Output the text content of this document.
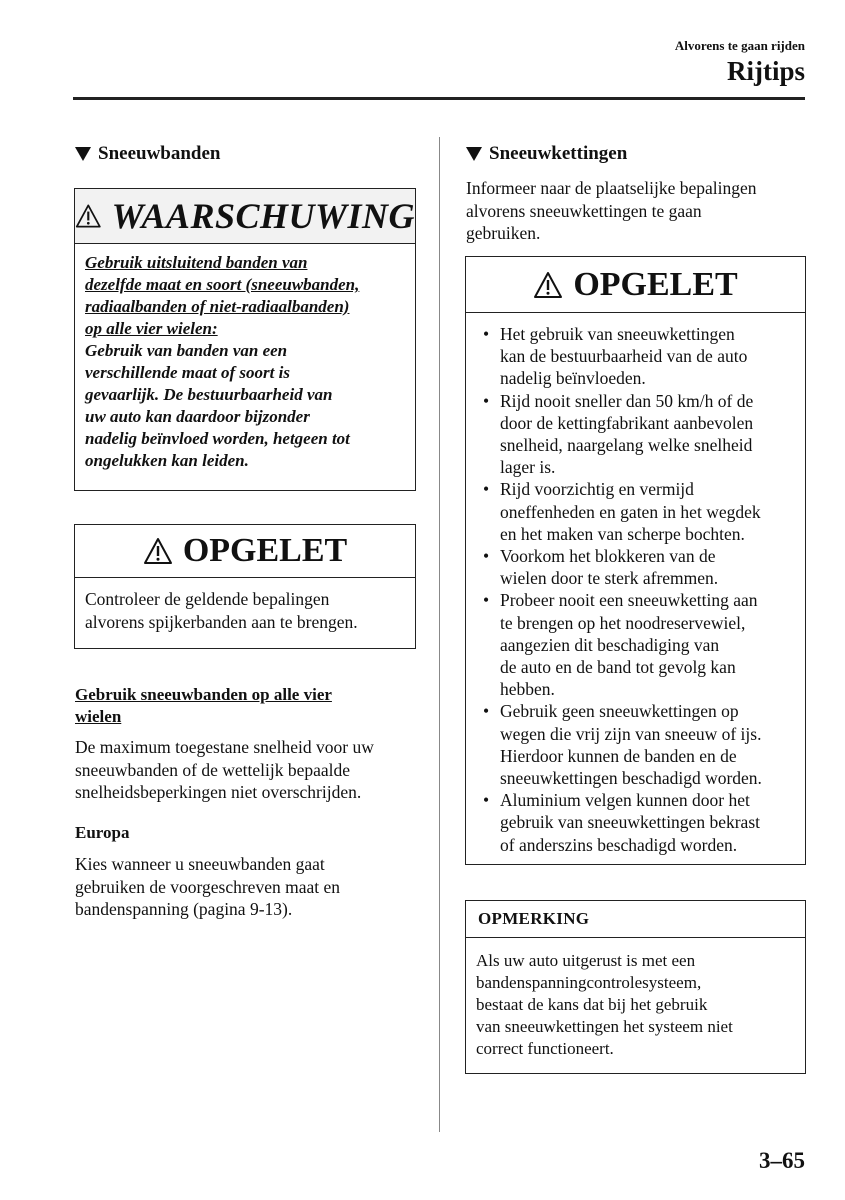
Alvorens te gaan rijden
Rijtips
Sneeuwbanden
WAARSCHUWING
Gebruik uitsluitend banden van
dezelfde maat en soort (sneeuwbanden,
radiaalbanden of niet-radiaalbanden)
op alle vier wielen:
Gebruik van banden van een
verschillende maat of soort is
gevaarlijk. De bestuurbaarheid van
uw auto kan daardoor bijzonder
nadelig beïnvloed worden, hetgeen tot
ongelukken kan leiden.
OPGELET
Controleer de geldende bepalingen
alvorens spijkerbanden aan te brengen.
Gebruik sneeuwbanden op alle vier
wielen
De maximum toegestane snelheid voor uw
sneeuwbanden of de wettelijk bepaalde
snelheidsbeperkingen niet overschrijden.
Europa
Kies wanneer u sneeuwbanden gaat
gebruiken de voorgeschreven maat en
bandenspanning (pagina 9-13).
Sneeuwkettingen
Informeer naar de plaatselijke bepalingen
alvorens sneeuwkettingen te gaan
gebruiken.
OPGELET
• Het gebruik van sneeuwkettingen
kan de bestuurbaarheid van de auto
nadelig beïnvloeden.
• Rijd nooit sneller dan 50 km/h of de
door de kettingfabrikant aanbevolen
snelheid, naargelang welke snelheid
lager is.
• Rijd voorzichtig en vermijd
oneffenheden en gaten in het wegdek
en het maken van scherpe bochten.
• Voorkom het blokkeren van de
wielen door te sterk afremmen.
• Probeer nooit een sneeuwketting aan
te brengen op het noodreservewiel,
aangezien dit beschadiging van
de auto en de band tot gevolg kan
hebben.
• Gebruik geen sneeuwkettingen op
wegen die vrij zijn van sneeuw of ijs.
Hierdoor kunnen de banden en de
sneeuwkettingen beschadigd worden.
• Aluminium velgen kunnen door het
gebruik van sneeuwkettingen bekrast
of anderszins beschadigd worden.
OPMERKING
Als uw auto uitgerust is met een
bandenspanningcontrolesysteem,
bestaat de kans dat bij het gebruik
van sneeuwkettingen het systeem niet
correct functioneert.
3–65
